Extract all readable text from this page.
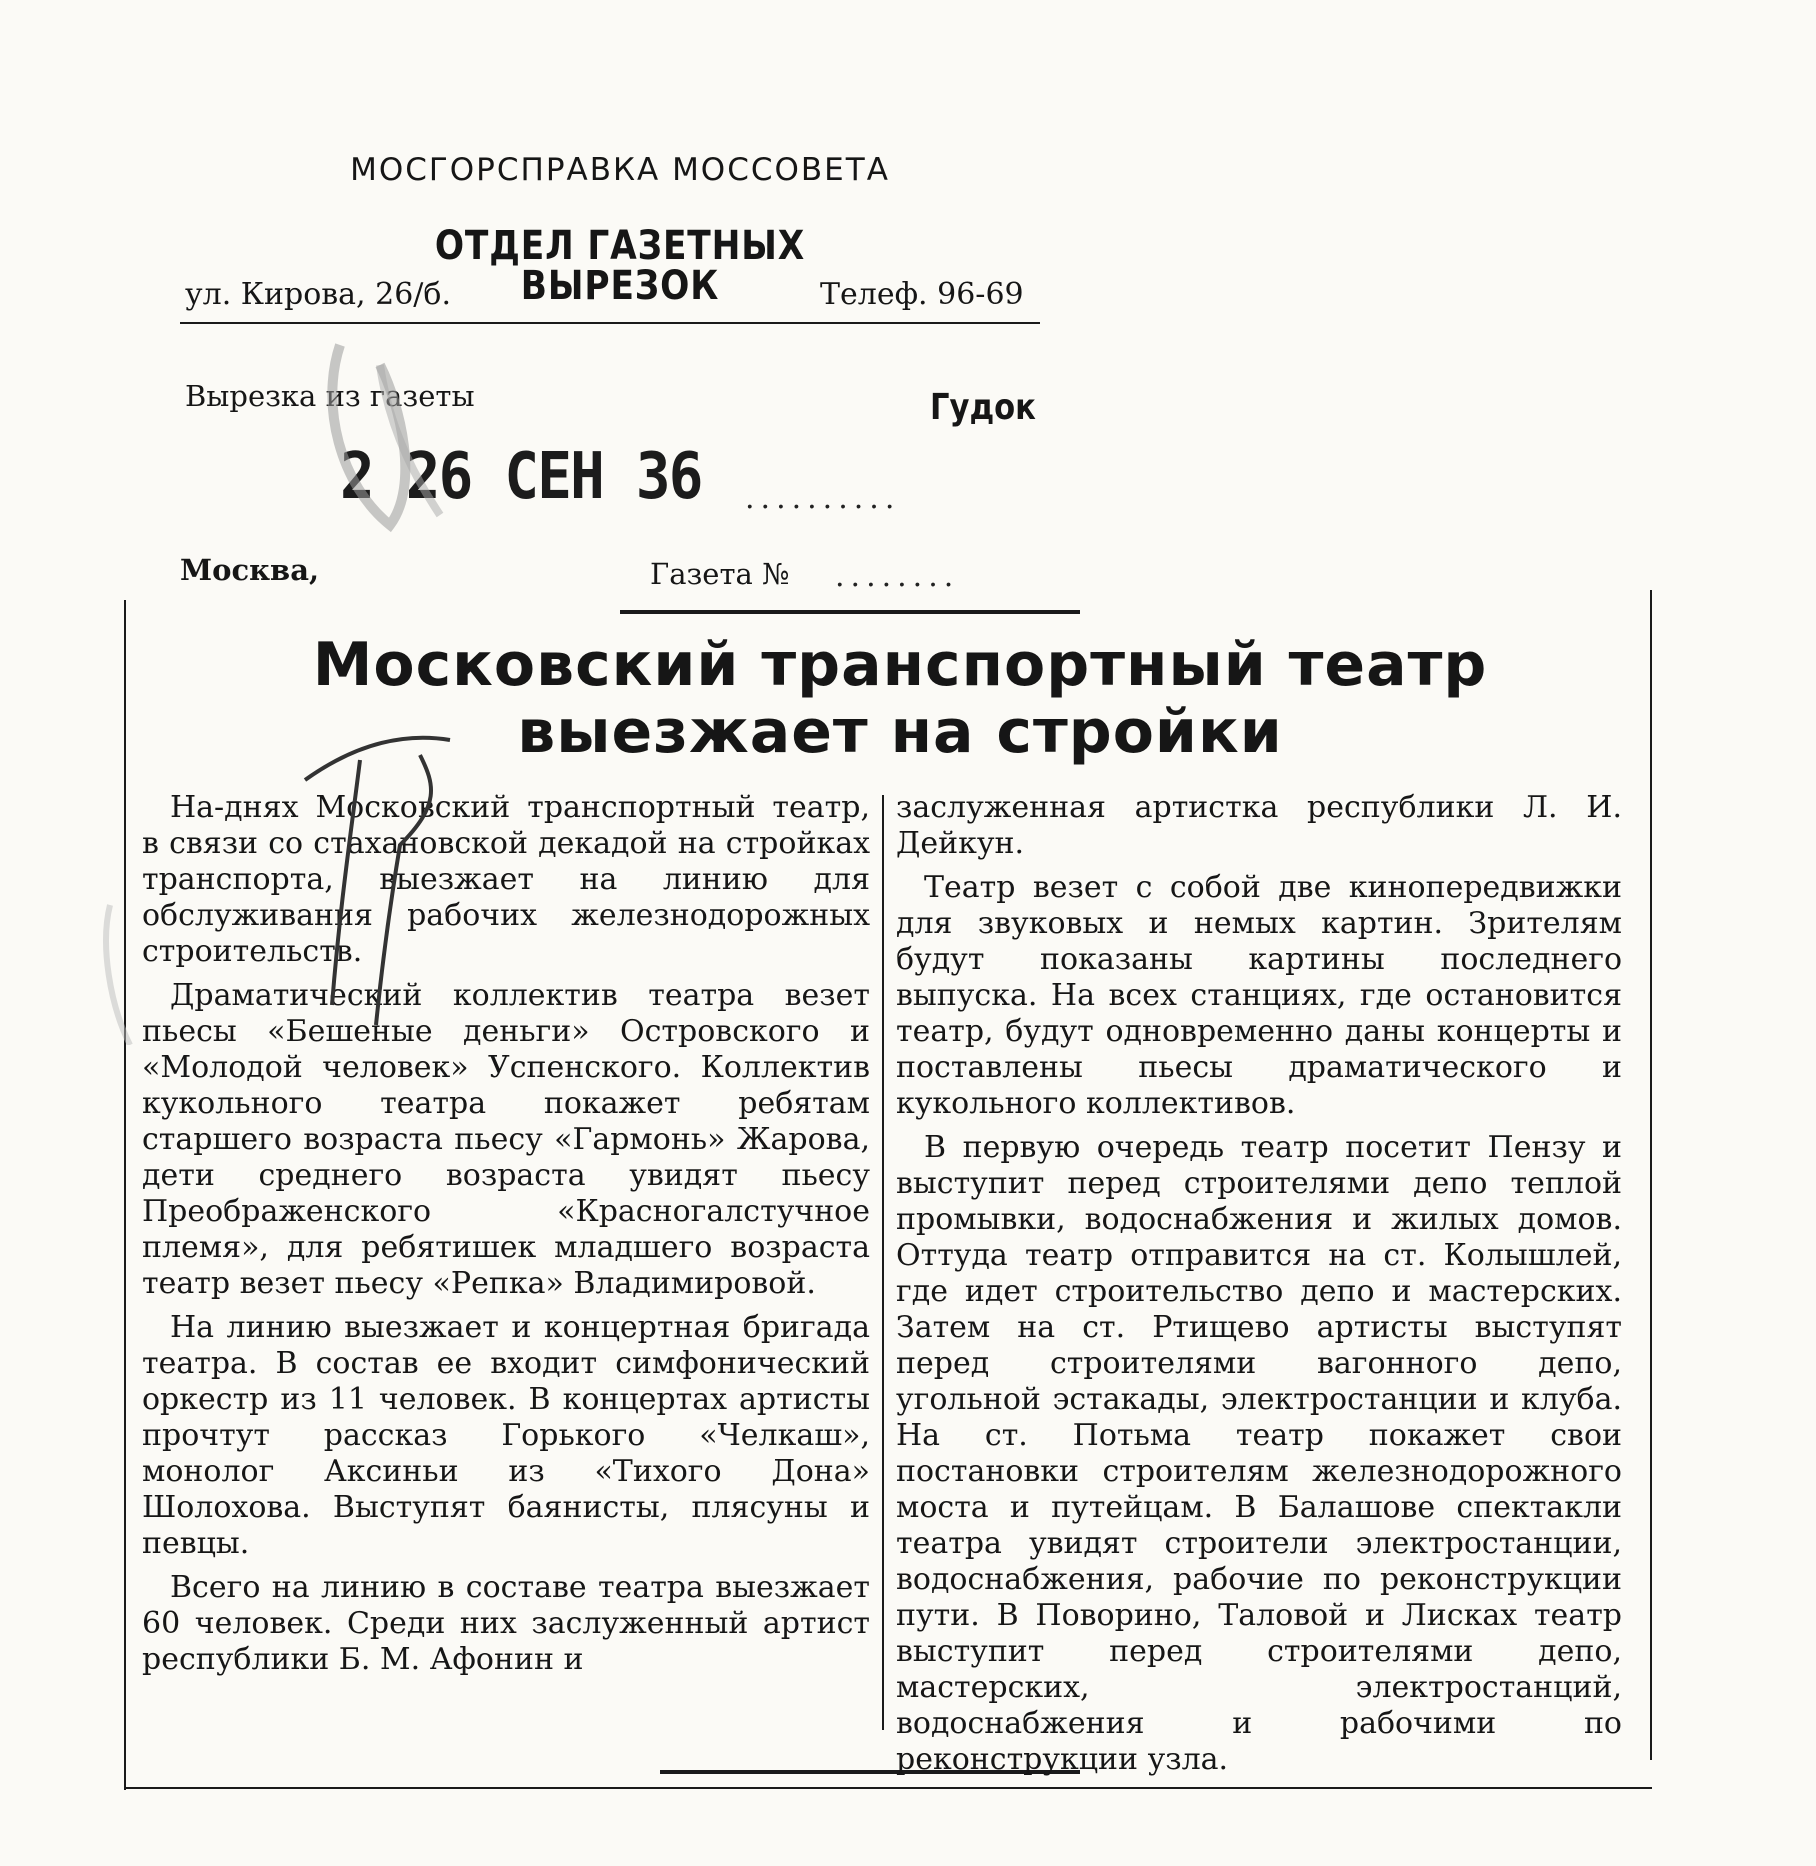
МОСГОРСПРАВКА МОССОВЕТА
ОТДЕЛ ГАЗЕТНЫХ ВЫРЕЗОК
ул. Кирова, 26/б.	Телеф. 96-69
Вырезка из газеты	Гудок
2 26 СЕН 36 ..........
Москва,	Газета № ........
Московский транспортный театр
выезжает на стройки

На-днях Московский транспортный театр, в связи со стахановской декадой на стройках транспорта, выезжает на линию для обслуживания рабочих железнодорожных строительств.

Драматический коллектив театра везет пьесы «Бешеные деньги» Островского и «Молодой человек» Успенского. Коллектив кукольного театра покажет ребятам старшего возраста пьесу «Гармонь» Жарова, дети среднего возраста увидят пьесу Преображенского «Красногалстучное племя», для ребятишек младшего возраста театр везет пьесу «Репка» Владимировой.

На линию выезжает и концертная бригада театра. В состав ее входит симфонический оркестр из 11 человек. В концертах артисты прочтут рассказ Горького «Челкаш», монолог Аксиньи из «Тихого Дона» Шолохова. Выступят баянисты, плясуны и певцы.

Всего на линию в составе театра выезжает 60 человек. Среди них заслуженный артист республики Б. М. Афонин и

заслуженная артистка республики Л. И. Дейкун.

Театр везет с собой две кинопередвижки для звуковых и немых картин. Зрителям будут показаны картины последнего выпуска. На всех станциях, где остановится театр, будут одновременно даны концерты и поставлены пьесы драматического и кукольного коллективов.

В первую очередь театр посетит Пензу и выступит перед строителями депо теплой промывки, водоснабжения и жилых домов. Оттуда театр отправится на ст. Колышлей, где идет строительство депо и мастерских. Затем на ст. Ртищево артисты выступят перед строителями вагонного депо, угольной эстакады, электростанции и клуба. На ст. Потьма театр покажет свои постановки строителям железнодорожного моста и путейцам. В Балашове спектакли театра увидят строители электростанции, водоснабжения, рабочие по реконструкции пути. В Поворино, Таловой и Лисках театр выступит перед строителями депо, мастерских, электростанций, водоснабжения и рабочими по реконструкции узла.
